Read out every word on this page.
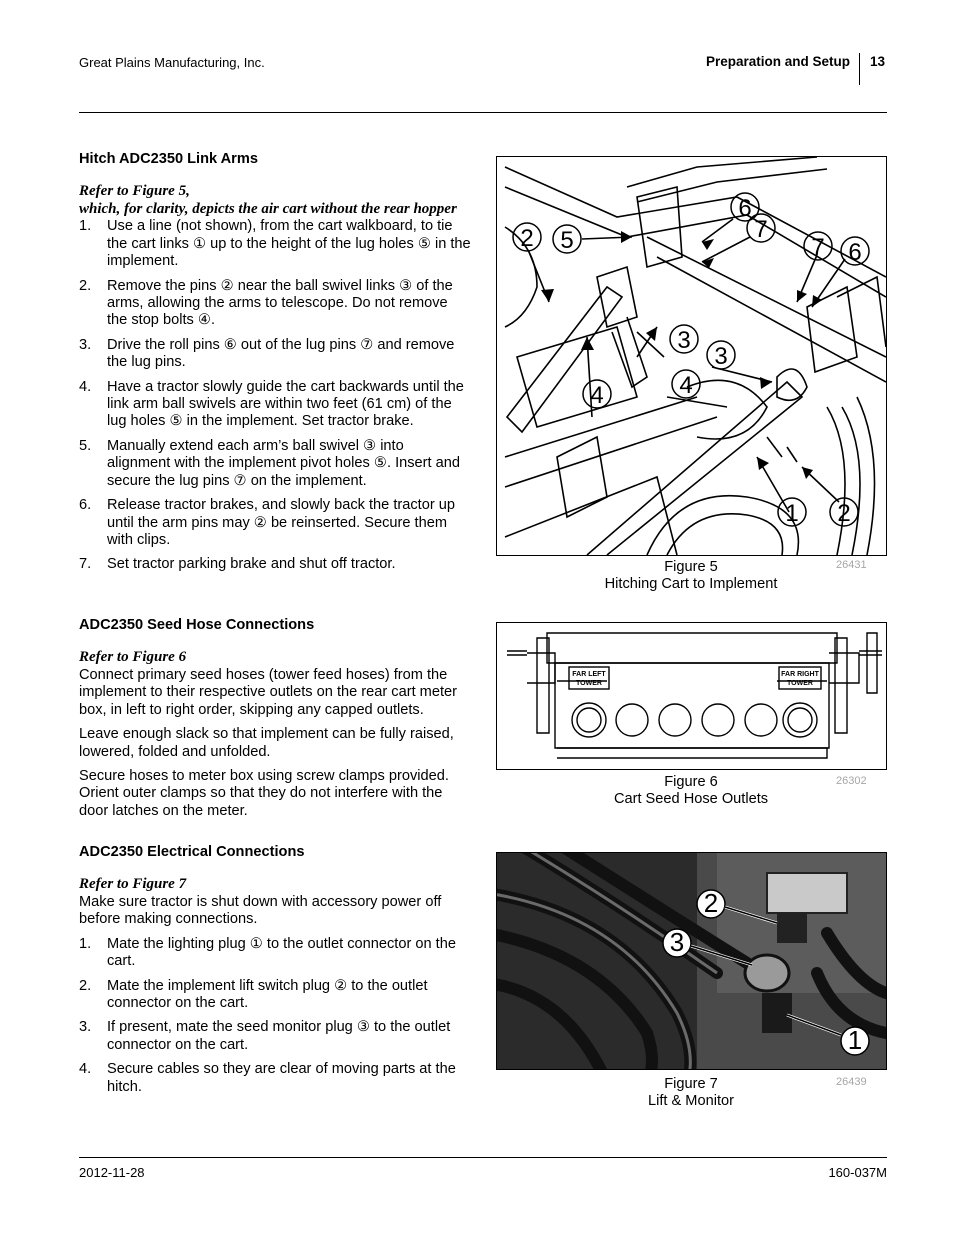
Great Plains Manufacturing, Inc.	Preparation and Setup 13

Hitch ADC2350 Link Arms

Refer to Figure 5,

which, for clarity, depicts the air cart without the rear hopper

1. Use a line (not shown), from the cart walkboard, to tie the cart links ① up to the height of the lug holes ⑤ in the implement.
2. Remove the pins ② near the ball swivel links ③ of the arms, allowing the arms to telescope. Do not remove the stop bolts ④.
3. Drive the roll pins ⑥ out of the lug pins ⑦ and remove the lug pins.
4. Have a tractor slowly guide the cart backwards until the link arm ball swivels are within two feet (61 cm) of the lug holes ⑤ in the implement. Set tractor brake.
5. Manually extend each arm’s ball swivel ③ into alignment with the implement pivot holes ⑤. Insert and secure the lug pins ⑦ on the implement.
6. Release tractor brakes, and slowly back the tractor up until the arm pins may ② be reinserted. Secure them with clips.
7. Set tractor parking brake and shut off tractor.

ADC2350 Seed Hose Connections

Refer to Figure 6

Connect primary seed hoses (tower feed hoses) from the implement to their respective outlets on the rear cart meter box, in left to right order, skipping any capped outlets.

Leave enough slack so that implement can be fully raised, lowered, folded and unfolded.

Secure hoses to meter box using screw clamps provided. Orient outer clamps so that they do not interfere with the door latches on the meter.

ADC2350 Electrical Connections

Refer to Figure 7

Make sure tractor is shut down with accessory power off before making connections.

1. Mate the lighting plug ① to the outlet connector on the cart.
2. Mate the implement lift switch plug ② to the outlet connector on the cart.
3. If present, mate the seed monitor plug ③ to the outlet connector on the cart.
4. Secure cables so they are clear of moving parts at the hitch.
2 5
6
7
7 6
3
3
4	4
1 2
Figure 5
Hitching Cart to Implement
26431
FAR LEFT
TOWER
FAR RIGHT
TOWER
Figure 6
Cart Seed Hose Outlets
26302
2
3
1
Figure 7
Lift & Monitor
26439
2012-11-28	160-037M
